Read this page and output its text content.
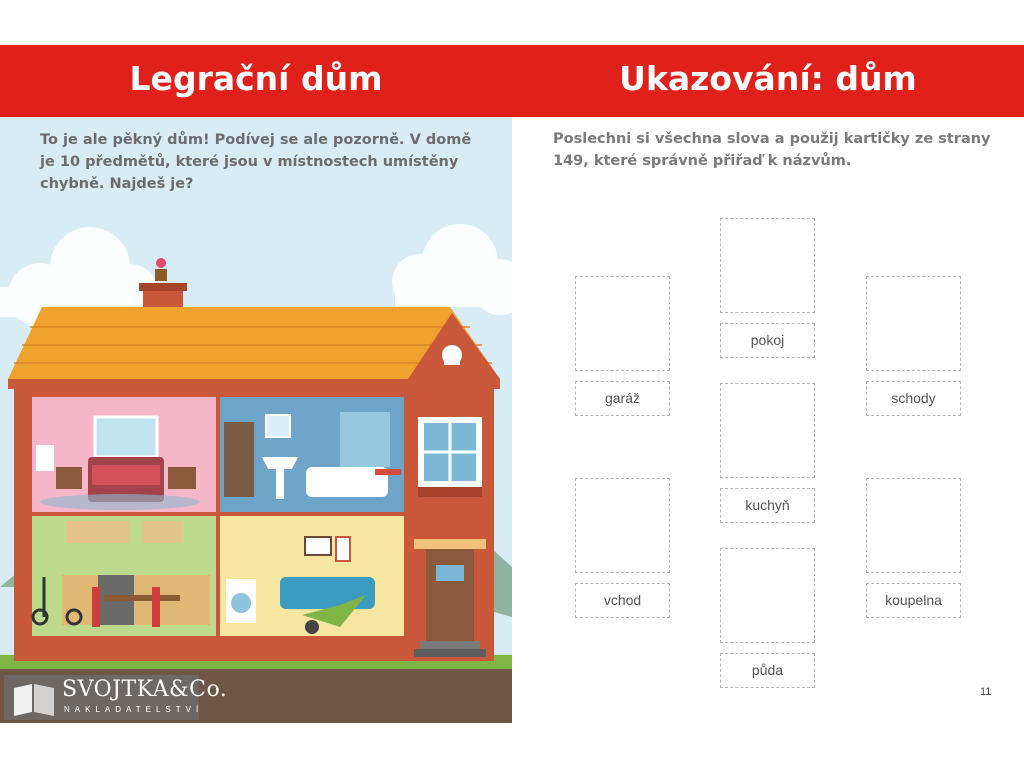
Legrační dům	Ukazování: dům

To je ale pěkný dům! Podívej se ale pozorně. V domě je 10 předmětů, které jsou v místnostech umístěny chybně. Najdeš je?

SVOJTKA&Co.
NAKLADATELSTVÍ

Poslechni si všechna slova a použij kartičky ze strany 149, které správně přiřaď k názvům.

pokoj
garáž	schody
kuchyň
vchod	koupelna
půda
11
